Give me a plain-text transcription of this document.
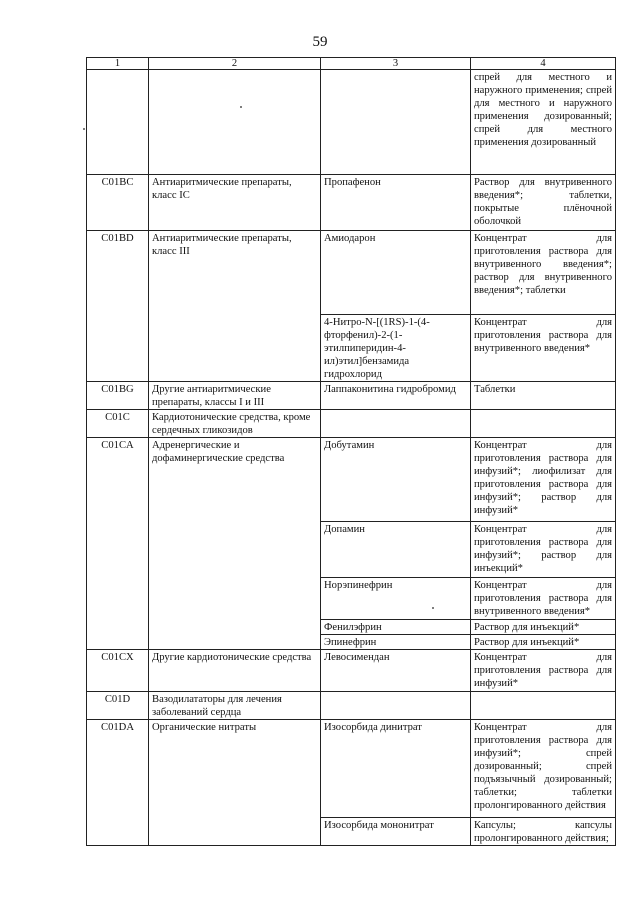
59
1	2	3	4
			спрей для местного и наружного применения; спрей для местного и наружного применения дозированный; спрей для местного применения дозированный
C01BC	Антиаритмические препараты, класс IC	Пропафенон	Раствор для внутривенного введения*; таблетки, покрытые плёночной оболочкой
C01BD	Антиаритмические препараты, класс III	Амиодарон	Концентрат для приготовления раствора для внутривенного введения*; раствор для внутривенного введения*; таблетки
		4-Нитро-N-[(1RS)-1-(4-фторфенил)-2-(1-этилпиперидин-4-ил)этил]бензамида гидрохлорид	Концентрат для приготовления раствора для внутривенного введения*
C01BG	Другие антиаритмические препараты, классы I и III	Лаппаконитина гидробромид	Таблетки
C01C	Кардиотонические средства, кроме сердечных гликозидов		
C01CA	Адренергические и дофаминергические средства	Добутамин	Концентрат для приготовления раствора для инфузий*; лиофилизат для приготовления раствора для инфузий*; раствор для инфузий*
		Допамин	Концентрат для приготовления раствора для инфузий*; раствор для инъекций*
		Норэпинефрин	Концентрат для приготовления раствора для внутривенного введения*
		Фенилэфрин	Раствор для инъекций*
		Эпинефрин	Раствор для инъекций*
C01CX	Другие кардиотонические средства	Левосимендан	Концентрат для приготовления раствора для инфузий*
C01D	Вазодилататоры для лечения заболеваний сердца		
C01DA	Органические нитраты	Изосорбида динитрат	Концентрат для приготовления раствора для инфузий*; спрей дозированный; спрей подъязычный дозированный; таблетки; таблетки пролонгированного действия
		Изосорбида мононитрат	Капсулы; капсулы пролонгированного действия;
